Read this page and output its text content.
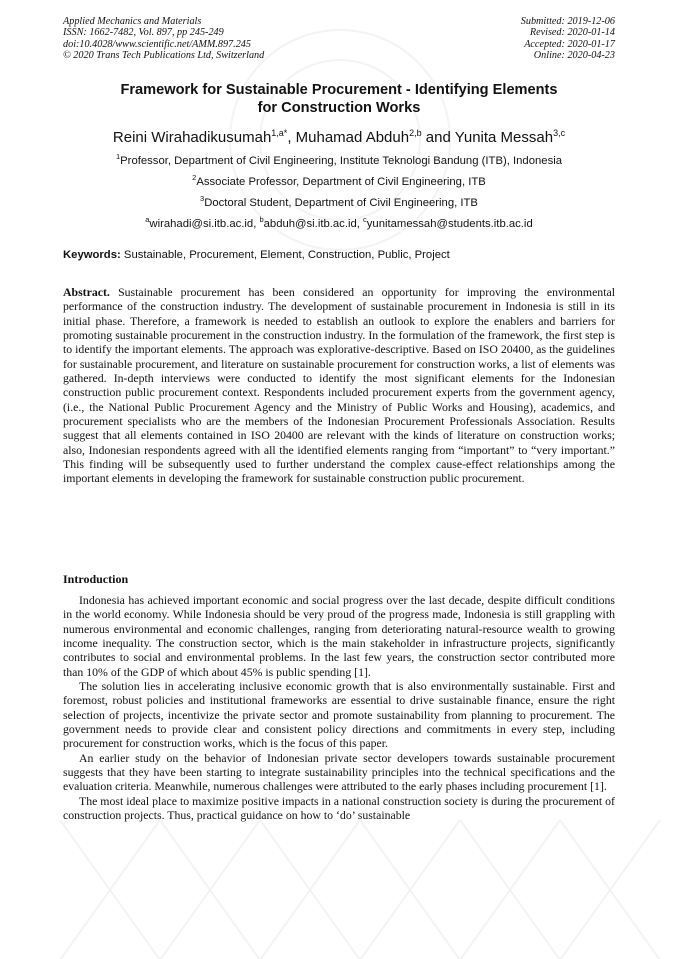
Applied Mechanics and Materials
ISSN: 1662-7482, Vol. 897, pp 245-249
doi:10.4028/www.scientific.net/AMM.897.245
© 2020 Trans Tech Publications Ltd, Switzerland
Submitted: 2019-12-06
Revised: 2020-01-14
Accepted: 2020-01-17
Online: 2020-04-23
Framework for Sustainable Procurement - Identifying Elements
for Construction Works
Reini Wirahadikusumah$^{1,a*}$, Muhamad Abduh$^{2,b}$ and Yunita Messah$^{3,c}$
$^1$Professor, Department of Civil Engineering, Institute Teknologi Bandung (ITB), Indonesia
$^2$Associate Professor, Department of Civil Engineering, ITB
$^3$Doctoral Student, Department of Civil Engineering, ITB
$^a$wirahadi@si.itb.ac.id, $^b$abduh@si.itb.ac.id, $^c$yunitamessah@students.itb.ac.id
Keywords: Sustainable, Procurement, Element, Construction, Public, Project
Abstract. Sustainable procurement has been considered an opportunity for improving the environmental performance of the construction industry. The development of sustainable procurement in Indonesia is still in its initial phase. Therefore, a framework is needed to establish an outlook to explore the enablers and barriers for promoting sustainable procurement in the construction industry. In the formulation of the framework, the first step is to identify the important elements. The approach was explorative-descriptive. Based on ISO 20400, as the guidelines for sustainable procurement, and literature on sustainable procurement for construction works, a list of elements was gathered. In-depth interviews were conducted to identify the most significant elements for the Indonesian construction public procurement context. Respondents included procurement experts from the government agency, (i.e., the National Public Procurement Agency and the Ministry of Public Works and Housing), academics, and procurement specialists who are the members of the Indonesian Procurement Professionals Association. Results suggest that all elements contained in ISO 20400 are relevant with the kinds of literature on construction works; also, Indonesian respondents agreed with all the identified elements ranging from “important” to “very important.” This finding will be subsequently used to further understand the complex cause-effect relationships among the important elements in developing the framework for sustainable construction public procurement.
Introduction

Indonesia has achieved important economic and social progress over the last decade, despite difficult conditions in the world economy. While Indonesia should be very proud of the progress made, Indonesia is still grappling with numerous environmental and economic challenges, ranging from deteriorating natural-resource wealth to growing income inequality. The construction sector, which is the main stakeholder in infrastructure projects, significantly contributes to social and environmental problems. In the last few years, the construction sector contributed more than 10% of the GDP of which about 45% is public spending [1].

The solution lies in accelerating inclusive economic growth that is also environmentally sustainable. First and foremost, robust policies and institutional frameworks are essential to drive sustainable finance, ensure the right selection of projects, incentivize the private sector and promote sustainability from planning to procurement. The government needs to provide clear and consistent policy directions and commitments in every step, including procurement for construction works, which is the focus of this paper.

An earlier study on the behavior of Indonesian private sector developers towards sustainable procurement suggests that they have been starting to integrate sustainability principles into the technical specifications and the evaluation criteria. Meanwhile, numerous challenges were attributed to the early phases including procurement [1].

The most ideal place to maximize positive impacts in a national construction society is during the procurement of construction projects. Thus, practical guidance on how to ‘do’ sustainable
